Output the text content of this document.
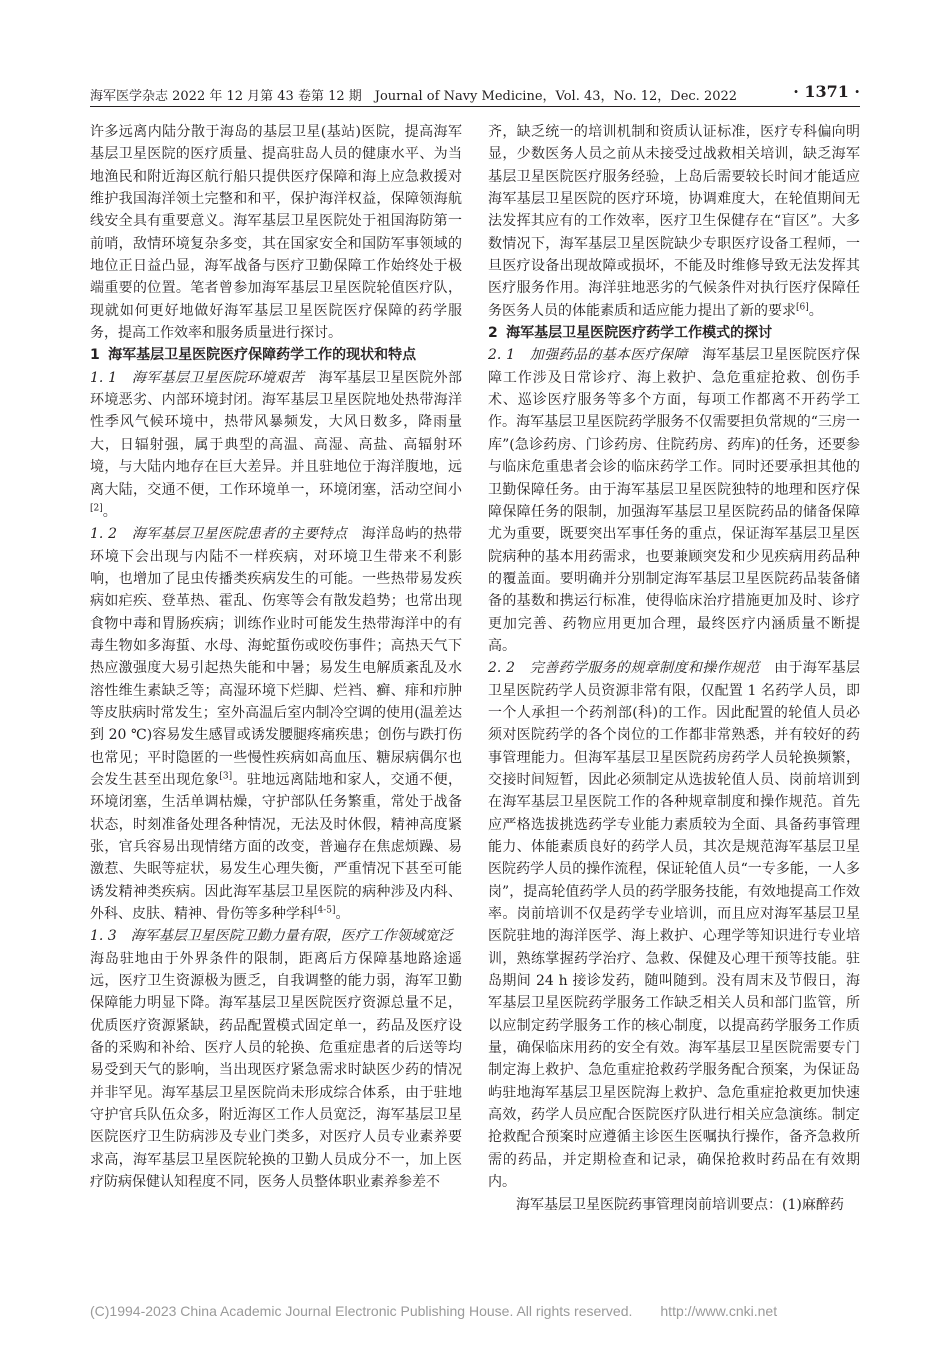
海军医学杂志 2022 年 12 月第 43 卷第 12 期　Journal of Navy Medicine，Vol. 43，No. 12，Dec. 2022	· 1371 ·

许多远离内陆分散于海岛的基层卫星(基站)医院，提高海军基层卫星医院的医疗质量、提高驻岛人员的健康水平、为当地渔民和附近海区航行船只提供医疗保障和海上应急救援对维护我国海洋领土完整和和平，保护海洋权益，保障领海航线安全具有重要意义。海军基层卫星医院处于祖国海防第一前哨，敌情环境复杂多变，其在国家安全和国防军事领域的地位正日益凸显，海军战备与医疗卫勤保障工作始终处于极端重要的位置。笔者曾参加海军基层卫星医院轮值医疗队，现就如何更好地做好海军基层卫星医院医疗保障的药学服务，提高工作效率和服务质量进行探讨。

1 海军基层卫星医院医疗保障药学工作的现状和特点

1. 1　海军基层卫星医院环境艰苦　海军基层卫星医院外部环境恶劣、内部环境封闭。海军基层卫星医院地处热带海洋性季风气候环境中，热带风暴频发，大风日数多，降雨量大，日辐射强，属于典型的高温、高湿、高盐、高辐射环境，与大陆内地存在巨大差异。并且驻地位于海洋腹地，远离大陆，交通不便，工作环境单一，环境闭塞，活动空间小[2]。

1. 2　海军基层卫星医院患者的主要特点　海洋岛屿的热带环境下会出现与内陆不一样疾病，对环境卫生带来不利影响，也增加了昆虫传播类疾病发生的可能。一些热带易发疾病如疟疾、登革热、霍乱、伤寒等会有散发趋势；也常出现食物中毒和胃肠疾病；训练作业时可能发生热带海洋中的有毒生物如多海蜇、水母、海蛇蜇伤或咬伤事件；高热天气下热应激强度大易引起热失能和中暑；易发生电解质紊乱及水溶性维生素缺乏等；高湿环境下烂脚、烂裆、癣、痱和疖肿等皮肤病时常发生；室外高温后室内制冷空调的使用(温差达到 20 ℃)容易发生感冒或诱发腰腿疼痛疾患；创伤与跌打伤也常见；平时隐匿的一些慢性疾病如高血压、糖尿病偶尔也会发生甚至出现危象[3]。驻地远离陆地和家人，交通不便，环境闭塞，生活单调枯燥，守护部队任务繁重，常处于战备状态，时刻准备处理各种情况，无法及时休假，精神高度紧张，官兵容易出现情绪方面的改变，普遍存在焦虑烦躁、易激惹、失眠等症状，易发生心理失衡，严重情况下甚至可能诱发精神类疾病。因此海军基层卫星医院的病种涉及内科、外科、皮肤、精神、骨伤等多种学科[4-5]。

1. 3　海军基层卫星医院卫勤力量有限，医疗工作领域宽泛　海岛驻地由于外界条件的限制，距离后方保障基地路途遥远，医疗卫生资源极为匮乏，自我调整的能力弱，海军卫勤保障能力明显下降。海军基层卫星医院医疗资源总量不足，优质医疗资源紧缺，药品配置模式固定单一，药品及医疗设备的采购和补给、医疗人员的轮换、危重症患者的后送等均易受到天气的影响，当出现医疗紧急需求时缺医少药的情况并非罕见。海军基层卫星医院尚未形成综合体系，由于驻地守护官兵队伍众多，附近海区工作人员宽泛，海军基层卫星医院医疗卫生防病涉及专业门类多，对医疗人员专业素养要求高，海军基层卫星医院轮换的卫勤人员成分不一，加上医疗防病保健认知程度不同，医务人员整体职业素养参差不

齐，缺乏统一的培训机制和资质认证标准，医疗专科偏向明显，少数医务人员之前从未接受过战救相关培训，缺乏海军基层卫星医院医疗服务经验，上岛后需要较长时间才能适应海军基层卫星医院的医疗环境，协调难度大，在轮值期间无法发挥其应有的工作效率，医疗卫生保健存在“盲区”。大多数情况下，海军基层卫星医院缺少专职医疗设备工程师，一旦医疗设备出现故障或损坏，不能及时维修导致无法发挥其医疗服务作用。海洋驻地恶劣的气候条件对执行医疗保障任务医务人员的体能素质和适应能力提出了新的要求[6]。

2 海军基层卫星医院医疗药学工作模式的探讨

2. 1　加强药品的基本医疗保障　海军基层卫星医院医疗保障工作涉及日常诊疗、海上救护、急危重症抢救、创伤手术、巡诊医疗服务等多个方面，每项工作都离不开药学工作。海军基层卫星医院药学服务不仅需要担负常规的“三房一库”(急诊药房、门诊药房、住院药房、药库)的任务，还要参与临床危重患者会诊的临床药学工作。同时还要承担其他的卫勤保障任务。由于海军基层卫星医院独特的地理和医疗保障保障任务的限制，加强海军基层卫星医院药品的储备保障尤为重要，既要突出军事任务的重点，保证海军基层卫星医院病种的基本用药需求，也要兼顾突发和少见疾病用药品种的覆盖面。要明确并分别制定海军基层卫星医院药品装备储备的基数和携运行标准，使得临床治疗措施更加及时、诊疗更加完善、药物应用更加合理，最终医疗内涵质量不断提高。

2. 2　完善药学服务的规章制度和操作规范　由于海军基层卫星医院药学人员资源非常有限，仅配置 1 名药学人员，即一个人承担一个药剂部(科)的工作。因此配置的轮值人员必须对医院药学的各个岗位的工作都非常熟悉，并有较好的药事管理能力。但海军基层卫星医院药房药学人员轮换频繁，交接时间短暂，因此必须制定从选拔轮值人员、岗前培训到在海军基层卫星医院工作的各种规章制度和操作规范。首先应严格选拔挑选药学专业能力素质较为全面、具备药事管理能力、体能素质良好的药学人员，其次是规范海军基层卫星医院药学人员的操作流程，保证轮值人员“一专多能，一人多岗”，提高轮值药学人员的药学服务技能，有效地提高工作效率。岗前培训不仅是药学专业培训，而且应对海军基层卫星医院驻地的海洋医学、海上救护、心理学等知识进行专业培训，熟练掌握药学治疗、急救、保健及心理干预等技能。驻岛期间 24 h 接诊发药，随叫随到。没有周末及节假日，海军基层卫星医院药学服务工作缺乏相关人员和部门监管，所以应制定药学服务工作的核心制度，以提高药学服务工作质量，确保临床用药的安全有效。海军基层卫星医院需要专门制定海上救护、急危重症抢救药学服务配合预案，为保证岛屿驻地海军基层卫星医院海上救护、急危重症抢救更加快速高效，药学人员应配合医院医疗队进行相关应急演练。制定抢救配合预案时应遵循主诊医生医嘱执行操作，备齐急救所需的药品，并定期检查和记录，确保抢救时药品在有效期内。

海军基层卫星医院药事管理岗前培训要点：(1)麻醉药

(C)1994-2023 China Academic Journal Electronic Publishing House. All rights reserved.　　http://www.cnki.net
